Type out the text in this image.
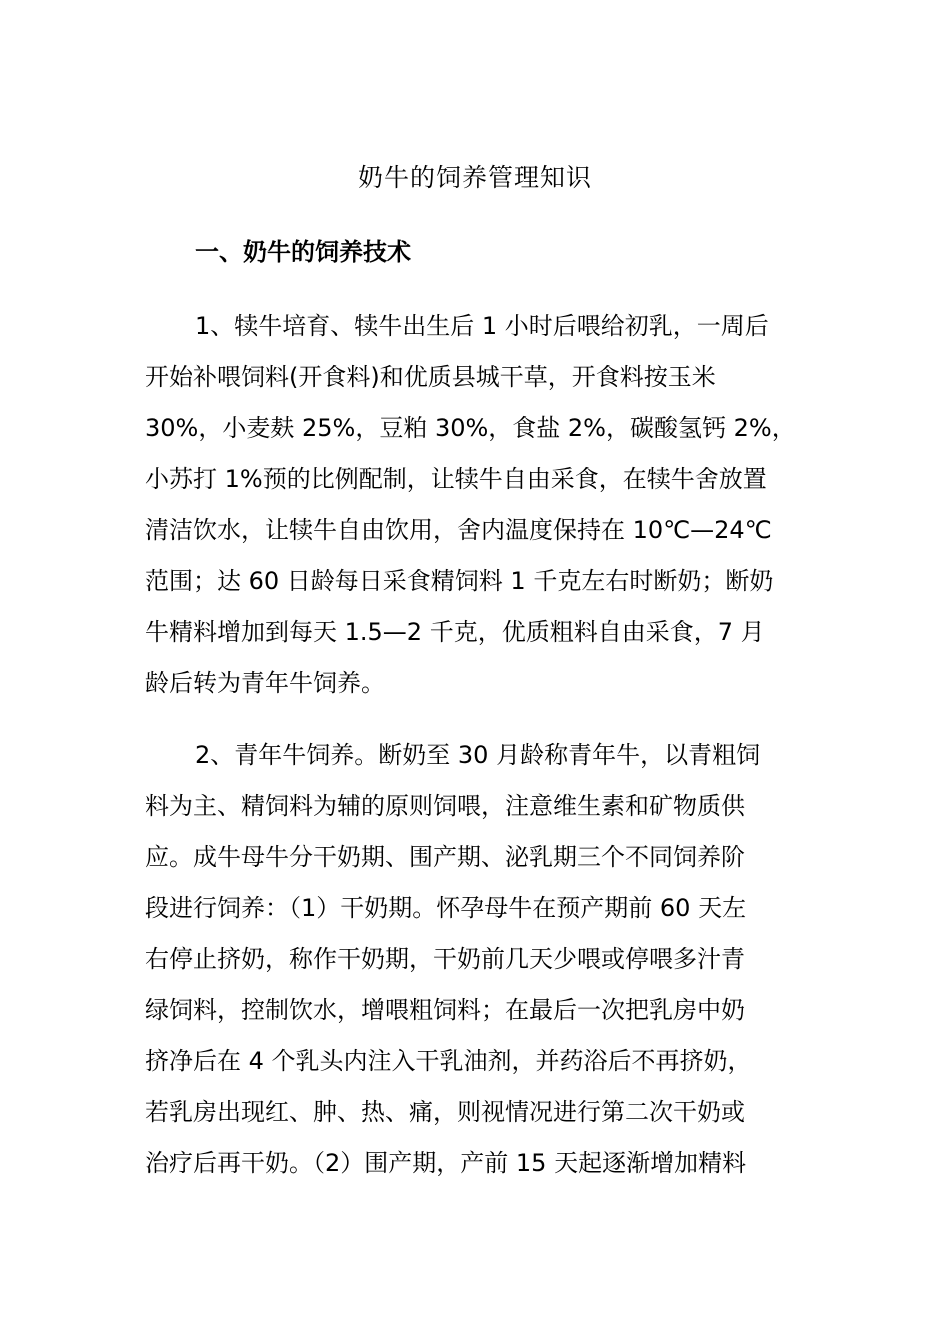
奶牛的饲养管理知识
一、奶牛的饲养技术

1、犊牛培育、犊牛出生后 1 小时后喂给初乳，一周后
开始补喂饲料(开食料)和优质县城干草，开食料按玉米
30%，小麦麸 25%，豆粕 30%，食盐 2%，碳酸氢钙 2%，
小苏打 1%预的比例配制，让犊牛自由采食，在犊牛舍放置
清洁饮水，让犊牛自由饮用，舍内温度保持在 10℃—24℃
范围；达 60 日龄每日采食精饲料 1 千克左右时断奶；断奶
牛精料增加到每天 1.5—2 千克，优质粗料自由采食，7 月
龄后转为青年牛饲养。

2、青年牛饲养。断奶至 30 月龄称青年牛，以青粗饲
料为主、精饲料为辅的原则饲喂，注意维生素和矿物质供
应。成牛母牛分干奶期、围产期、泌乳期三个不同饲养阶
段进行饲养：（1）干奶期。怀孕母牛在预产期前 60 天左
右停止挤奶，称作干奶期，干奶前几天少喂或停喂多汁青
绿饲料，控制饮水，增喂粗饲料；在最后一次把乳房中奶
挤净后在 4 个乳头内注入干乳油剂，并药浴后不再挤奶，
若乳房出现红、肿、热、痛，则视情况进行第二次干奶或
治疗后再干奶。（2）围产期，产前 15 天起逐渐增加精料
